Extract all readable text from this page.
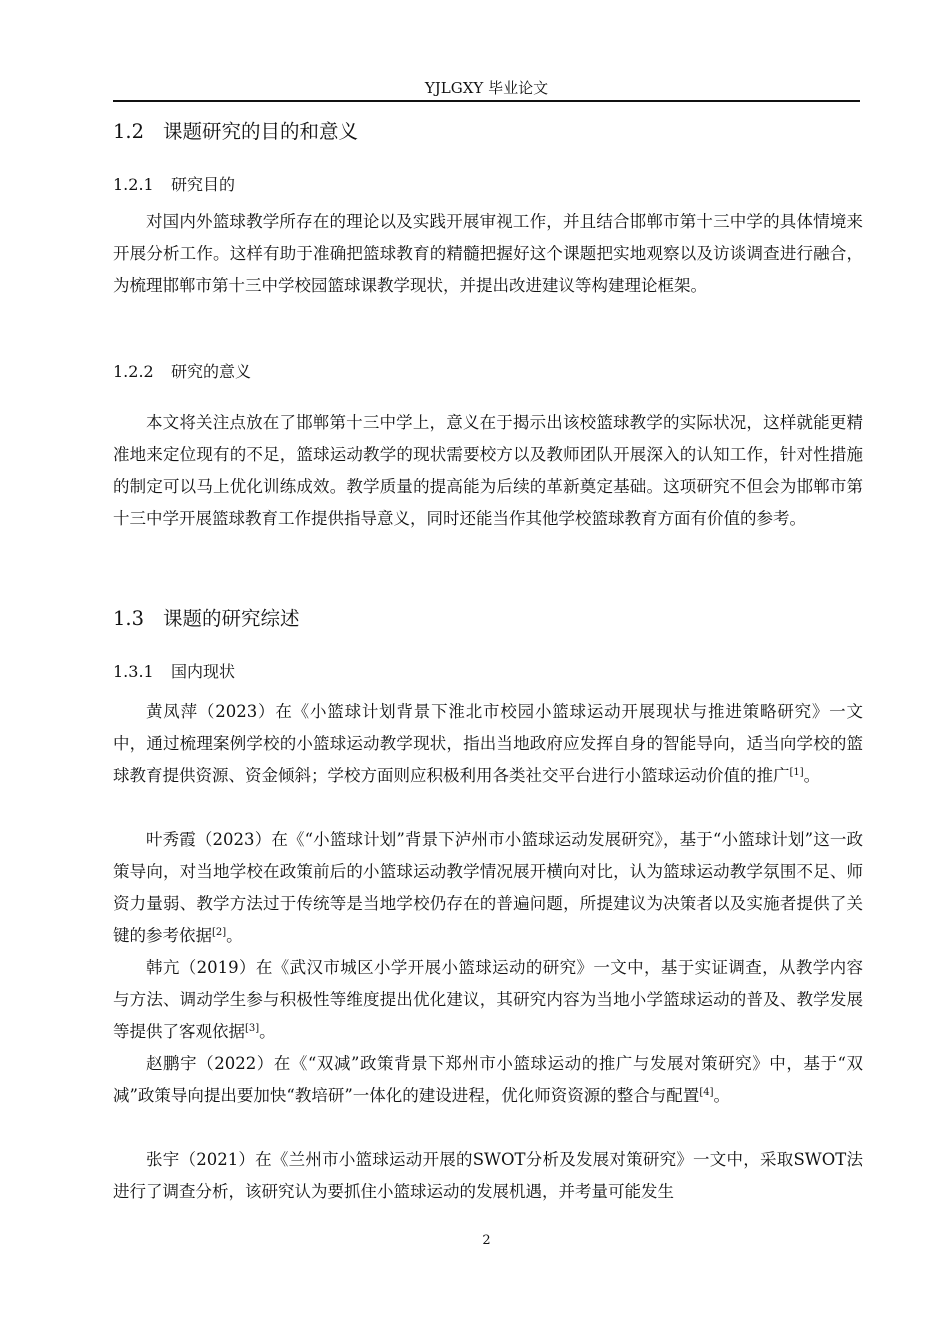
YJLGXY 毕业论文
1.2 课题研究的目的和意义
1.2.1 研究目的

对国内外篮球教学所存在的理论以及实践开展审视工作，并且结合邯郸市第十三中学的具体情境来开展分析工作。这样有助于准确把篮球教育的精髓把握好这个课题把实地观察以及访谈调查进行融合，为梳理邯郸市第十三中学校园篮球课教学现状，并提出改进建议等构建理论框架。

1.2.2 研究的意义

本文将关注点放在了邯郸第十三中学上，意义在于揭示出该校篮球教学的实际状况，这样就能更精准地来定位现有的不足，篮球运动教学的现状需要校方以及教师团队开展深入的认知工作，针对性措施的制定可以马上优化训练成效。教学质量的提高能为后续的革新奠定基础。这项研究不但会为邯郸市第十三中学开展篮球教育工作提供指导意义，同时还能当作其他学校篮球教育方面有价值的参考。

1.3 课题的研究综述
1.3.1 国内现状

黄凤萍（2023）在《小篮球计划背景下淮北市校园小篮球运动开展现状与推进策略研究》一文中，通过梳理案例学校的小篮球运动教学现状，指出当地政府应发挥自身的智能导向，适当向学校的篮球教育提供资源、资金倾斜；学校方面则应积极利用各类社交平台进行小篮球运动价值的推广[1]。

叶秀霞（2023）在《“小篮球计划”背景下泸州市小篮球运动发展研究》，基于“小篮球计划”这一政策导向，对当地学校在政策前后的小篮球运动教学情况展开横向对比，认为篮球运动教学氛围不足、师资力量弱、教学方法过于传统等是当地学校仍存在的普遍问题，所提建议为决策者以及实施者提供了关键的参考依据[2]。

韩亢（2019）在《武汉市城区小学开展小篮球运动的研究》一文中，基于实证调查，从教学内容与方法、调动学生参与积极性等维度提出优化建议，其研究内容为当地小学篮球运动的普及、教学发展等提供了客观依据[3]。

赵鹏宇（2022）在《“双减”政策背景下郑州市小篮球运动的推广与发展对策研究》中，基于“双减”政策导向提出要加快“教培研”一体化的建设进程，优化师资资源的整合与配置[4]。

张宇（2021）在《兰州市小篮球运动开展的SWOT分析及发展对策研究》一文中，采取SWOT法进行了调查分析，该研究认为要抓住小篮球运动的发展机遇，并考量可能发生

2
